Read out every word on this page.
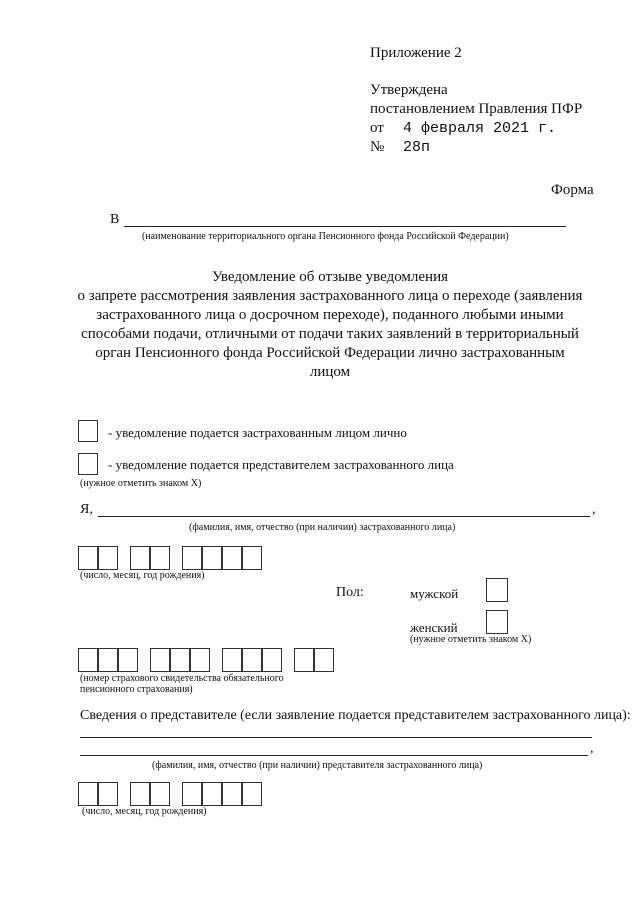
Приложение 2
Утверждена
постановлением Правления ПФР
от 4 февраля 2021 г.
№ 28п
Форма
В
(наименование территориального органа Пенсионного фонда Российской Федерации)
Уведомление об отзыве уведомления
о запрете рассмотрения заявления застрахованного лица о переходе (заявления
застрахованного лица о досрочном переходе), поданного любыми иными
способами подачи, отличными от подачи таких заявлений в территориальный
орган Пенсионного фонда Российской Федерации лично застрахованным
лицом
- уведомление подается застрахованным лицом лично
- уведомление подается представителем застрахованного лица
(нужное отметить знаком Х)
Я,	,
(фамилия, имя, отчество (при наличии) застрахованного лица)
(число, месяц, год рождения)
Пол:	мужской
женский
(нужное отметить знаком Х)
(номер страхового свидетельства обязательного
пенсионного страхования)
Сведения о представителе (если заявление подается представителем застрахованного лица):
,
(фамилия, имя, отчество (при наличии) представителя застрахованного лица)
(число, месяц, год рождения)
